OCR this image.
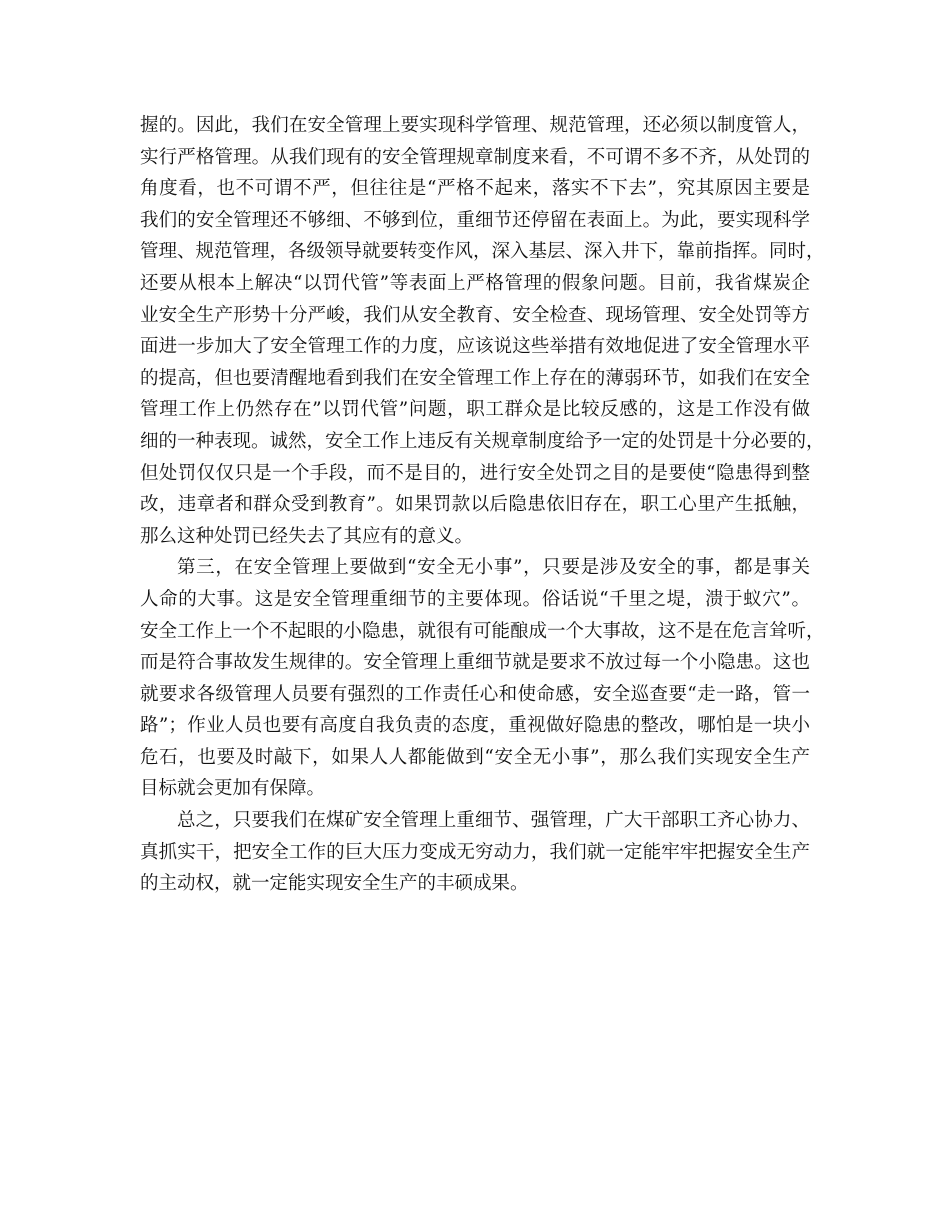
握的。因此，我们在安全管理上要实现科学管理、规范管理，还必须以制度管人，
实行严格管理。从我们现有的安全管理规章制度来看，不可谓不多不齐，从处罚的
角度看，也不可谓不严，但往往是“严格不起来，落实不下去”，究其原因主要是
我们的安全管理还不够细、不够到位，重细节还停留在表面上。为此，要实现科学
管理、规范管理，各级领导就要转变作风，深入基层、深入井下，靠前指挥。同时，
还要从根本上解决“以罚代管”等表面上严格管理的假象问题。目前，我省煤炭企
业安全生产形势十分严峻，我们从安全教育、安全检查、现场管理、安全处罚等方
面进一步加大了安全管理工作的力度，应该说这些举措有效地促进了安全管理水平
的提高，但也要清醒地看到我们在安全管理工作上存在的薄弱环节，如我们在安全
管理工作上仍然存在”以罚代管”问题，职工群众是比较反感的，这是工作没有做
细的一种表现。诚然，安全工作上违反有关规章制度给予一定的处罚是十分必要的，
但处罚仅仅只是一个手段，而不是目的，进行安全处罚之目的是要使“隐患得到整
改，违章者和群众受到教育”。如果罚款以后隐患依旧存在，职工心里产生抵触，
那么这种处罚已经失去了其应有的意义。
第三，在安全管理上要做到“安全无小事”，只要是涉及安全的事，都是事关
人命的大事。这是安全管理重细节的主要体现。俗话说“千里之堤，溃于蚁穴”。
安全工作上一个不起眼的小隐患，就很有可能酿成一个大事故，这不是在危言耸听，
而是符合事故发生规律的。安全管理上重细节就是要求不放过每一个小隐患。这也
就要求各级管理人员要有强烈的工作责任心和使命感，安全巡查要“走一路，管一
路”；作业人员也要有高度自我负责的态度，重视做好隐患的整改，哪怕是一块小
危石，也要及时敲下，如果人人都能做到“安全无小事”，那么我们实现安全生产
目标就会更加有保障。
总之，只要我们在煤矿安全管理上重细节、强管理，广大干部职工齐心协力、
真抓实干，把安全工作的巨大压力变成无穷动力，我们就一定能牢牢把握安全生产
的主动权，就一定能实现安全生产的丰硕成果。
